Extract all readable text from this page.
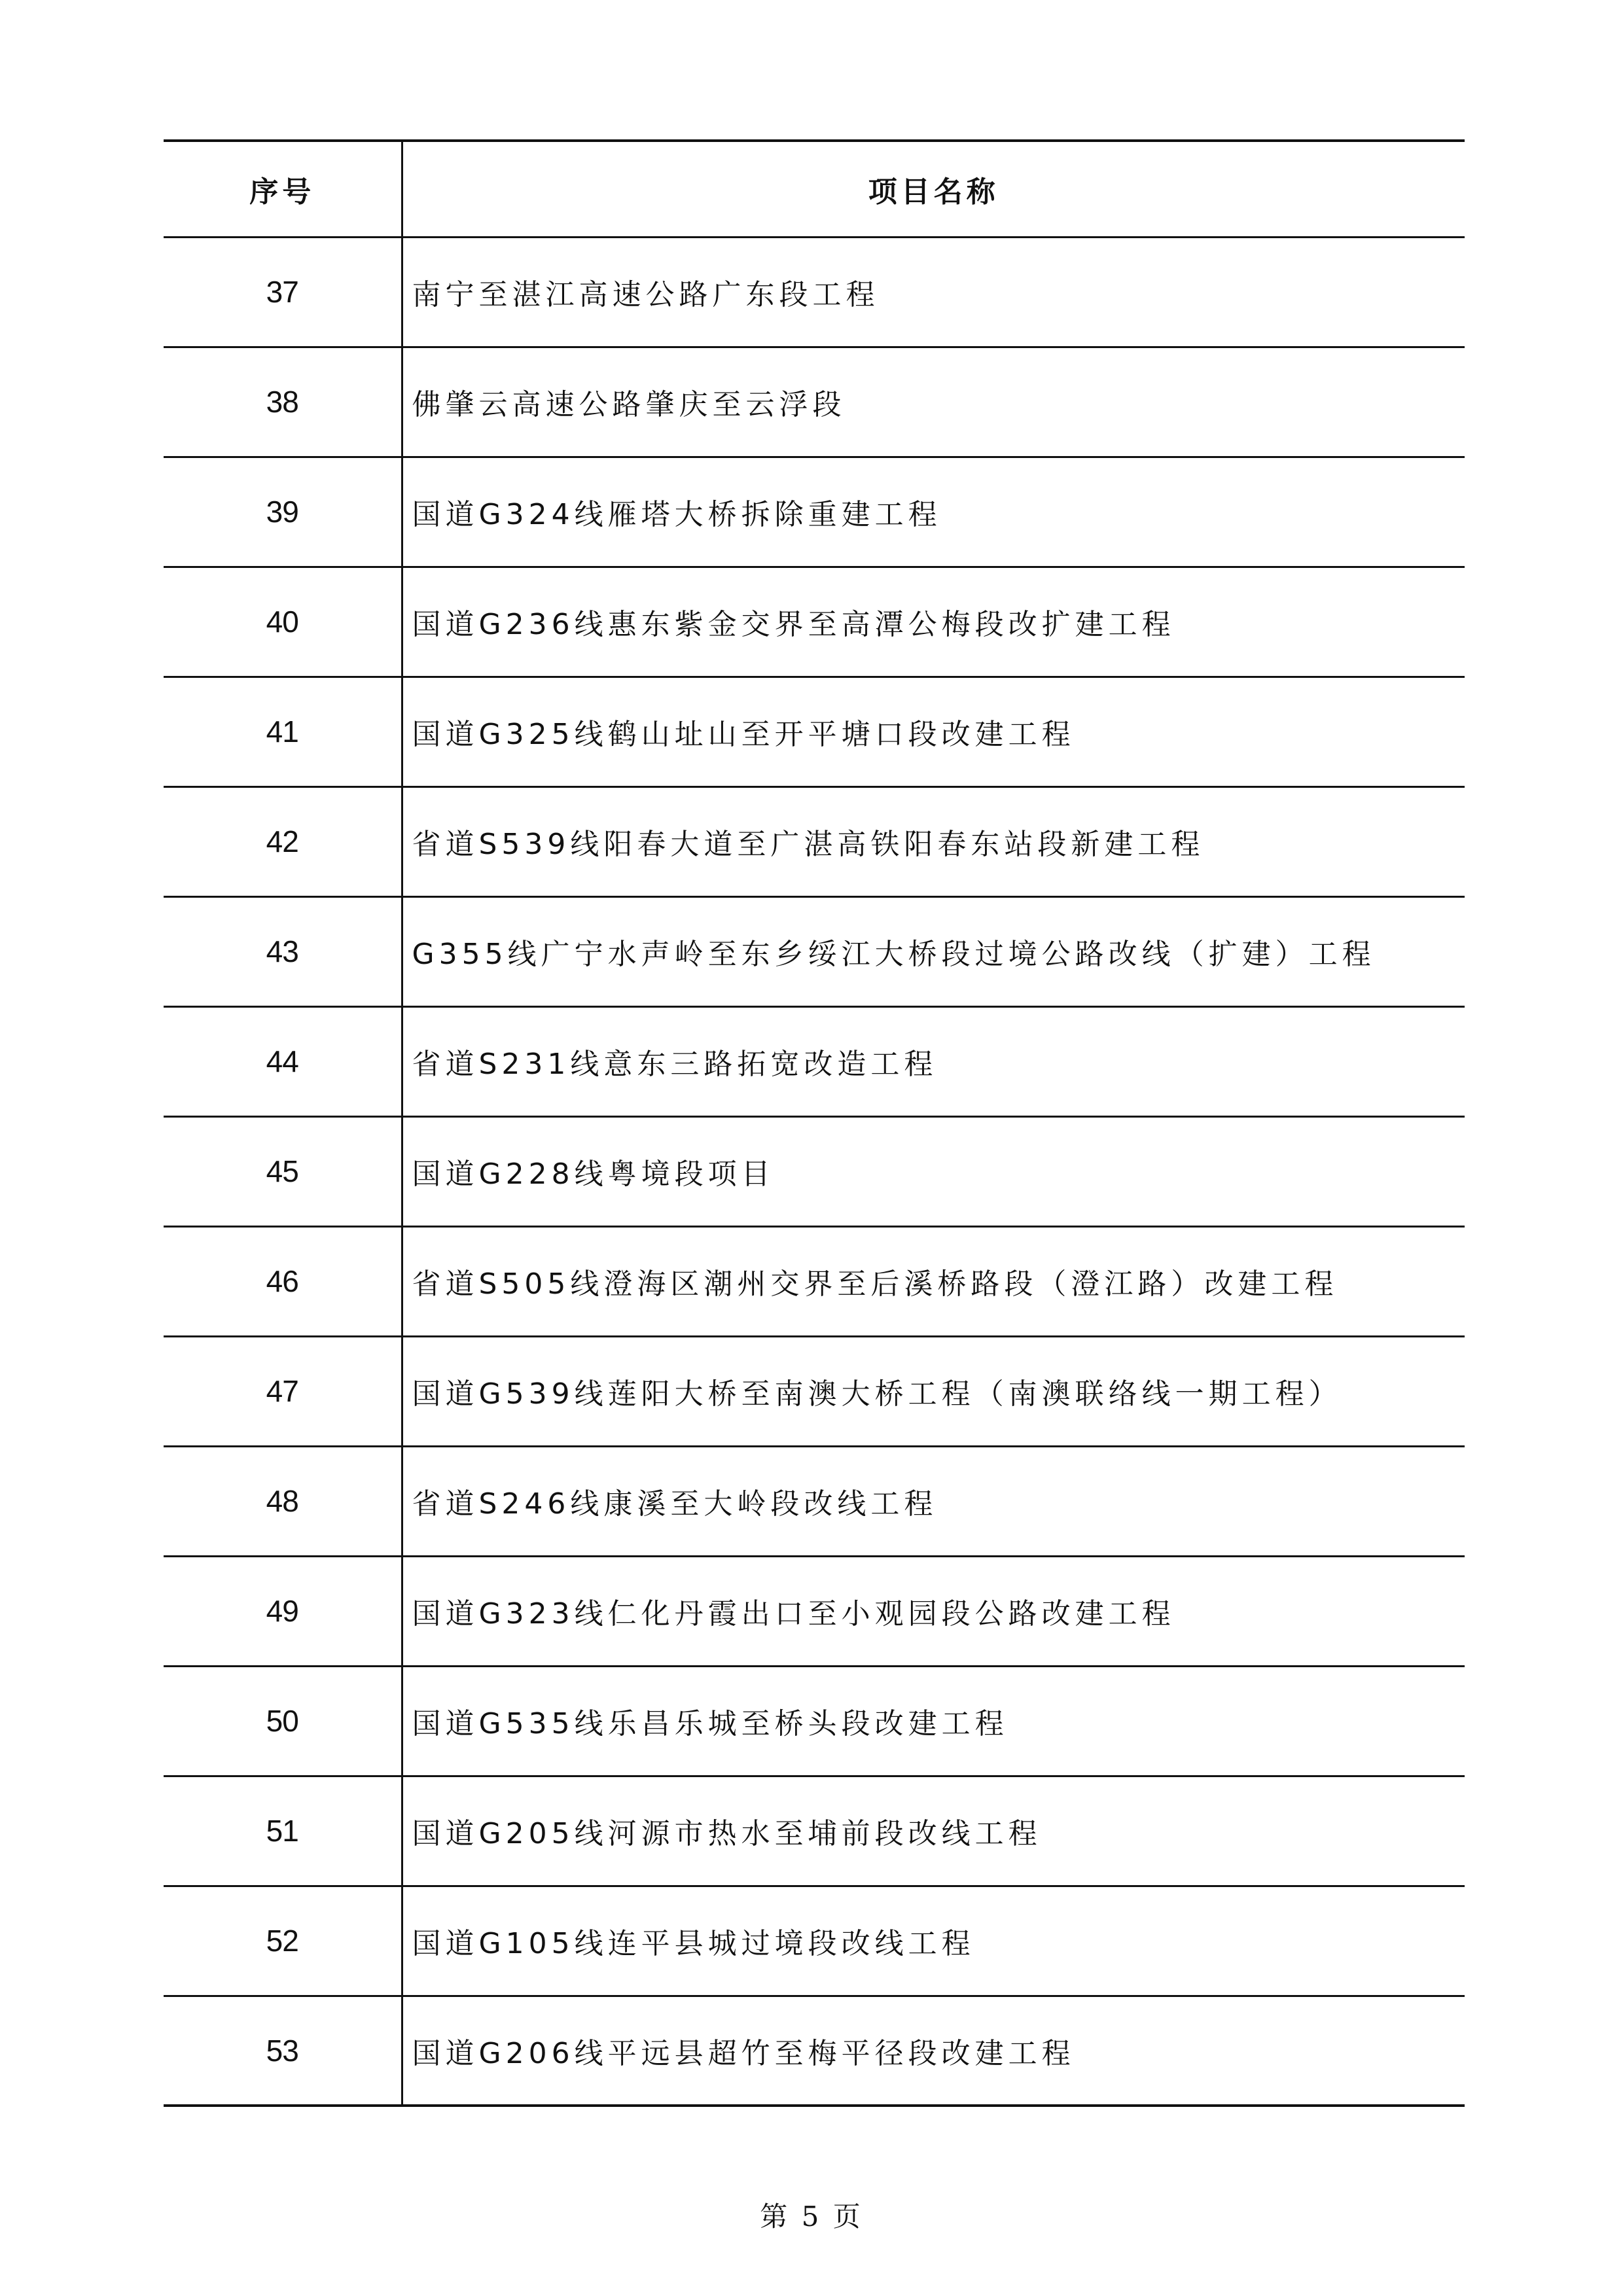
序号	项目名称
37	南宁至湛江高速公路广东段工程
38	佛肇云高速公路肇庆至云浮段
39	国道G324线雁塔大桥拆除重建工程
40	国道G236线惠东紫金交界至高潭公梅段改扩建工程
41	国道G325线鹤山址山至开平塘口段改建工程
42	省道S539线阳春大道至广湛高铁阳春东站段新建工程
43	G355线广宁水声岭至东乡绥江大桥段过境公路改线（扩建）工程
44	省道S231线意东三路拓宽改造工程
45	国道G228线粤境段项目
46	省道S505线澄海区潮州交界至后溪桥路段（澄江路）改建工程
47	国道G539线莲阳大桥至南澳大桥工程（南澳联络线一期工程）
48	省道S246线康溪至大岭段改线工程
49	国道G323线仁化丹霞出口至小观园段公路改建工程
50	国道G535线乐昌乐城至桥头段改建工程
51	国道G205线河源市热水至埔前段改线工程
52	国道G105线连平县城过境段改线工程
53	国道G206线平远县超竹至梅平径段改建工程
第 5 页
